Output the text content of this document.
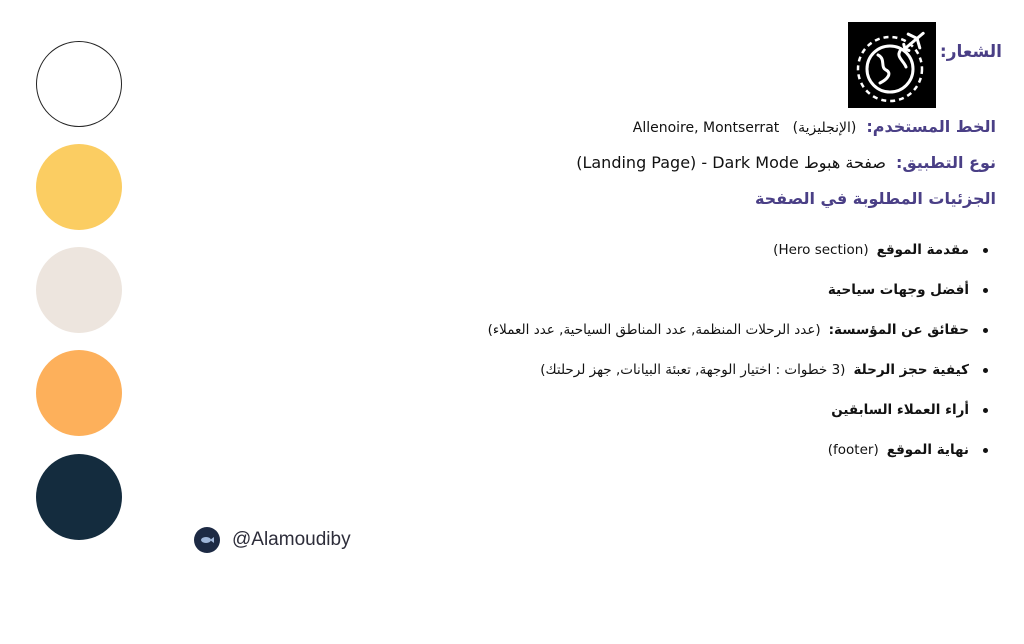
الشعار:
الخط المستخدم:
(الإنجليزية)   Allenoire, Montserrat
نوع التطبيق:
صفحة هبوط (Landing Page) - Dark Mode
الجزئيات المطلوبة في الصفحة
مقدمة الموقع
(Hero section)
أفضل وجهات سياحية
حقائق عن المؤسسة:
(عدد الرحلات المنظمة, عدد المناطق السياحية, عدد العملاء)
كيفية حجز الرحلة
(3 خطوات : اختيار الوجهة, تعبئة البيانات, جهز لرحلتك)
أراء العملاء السابقين
نهاية الموقع
(footer)
@Alamoudiby
